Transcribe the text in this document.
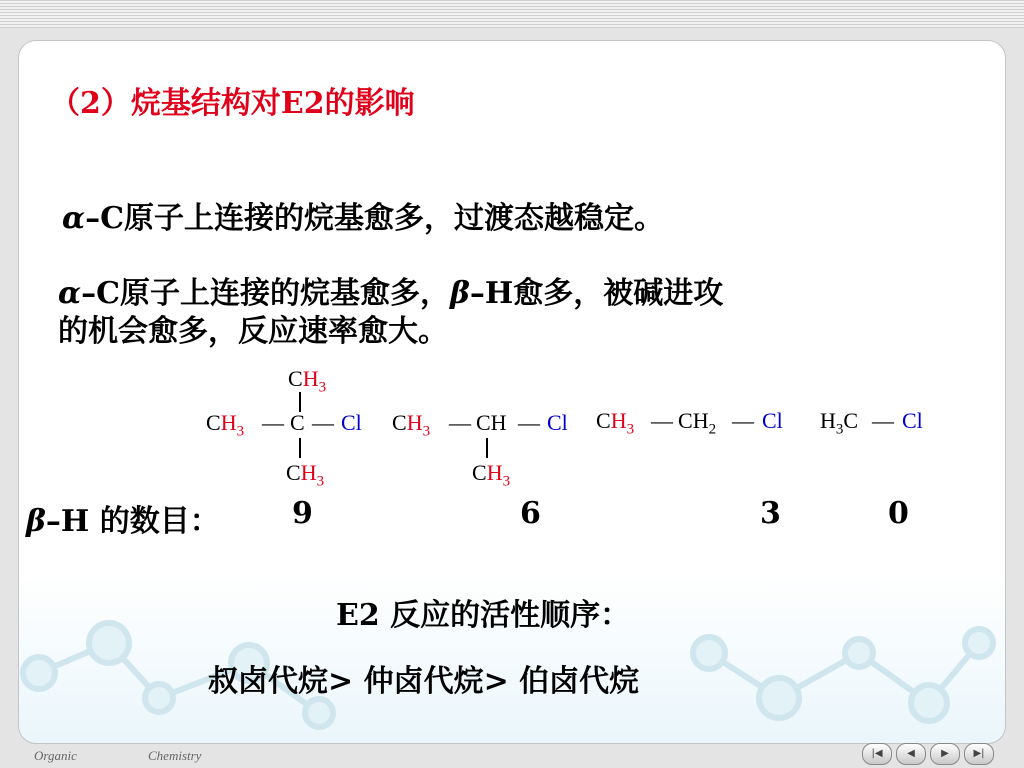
（2）烷基结构对E2的影响
α–C原子上连接的烷基愈多，过渡态越稳定。
α–C原子上连接的烷基愈多，β–H愈多，被碱进攻
的机会愈多，反应速率愈大。
$CH_3$
$CH_3$ — C — Cl
$CH_3$
$CH_3$ — CH — Cl
$CH_3$
$CH_3$ — $CH_2$ — Cl $H_3C$ — Cl
β–H 的数目： 9	6	3	0
E2 反应的活性顺序：
叔卤代烷> 仲卤代烷> 伯卤代烷
Organic	Chemistry	|◀	◀	▶	▶|
